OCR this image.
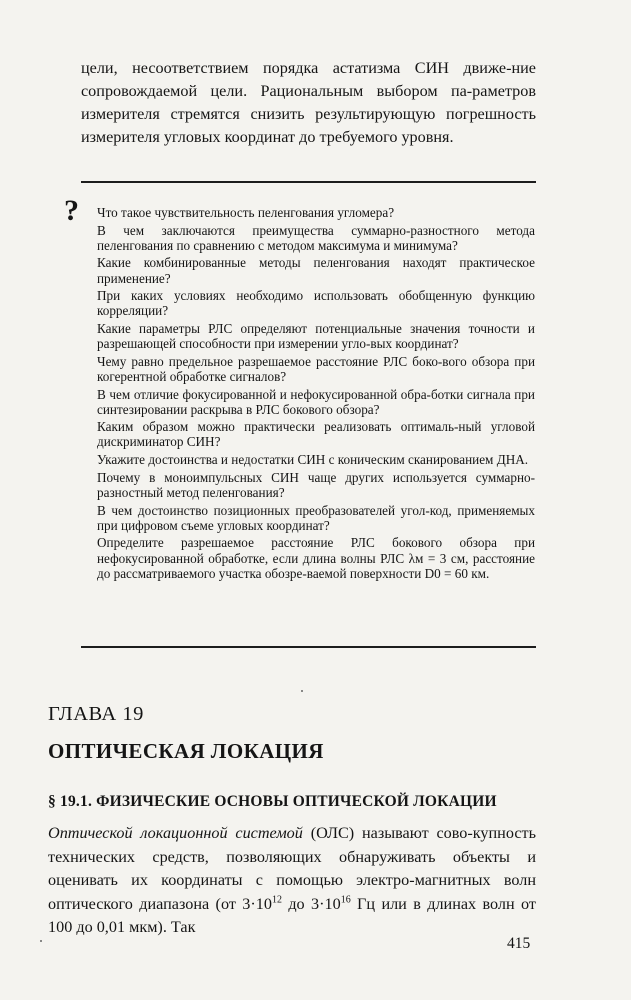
цели, несоответствием порядка астатизма СИН движе-ние сопровождаемой цели. Рациональным выбором па-раметров измерителя стремятся снизить результирующую погрешность измерителя угловых координат до требуемого уровня.

? Что такое чувствительность пеленгования угломера?
В чем заключаются преимущества суммарно-разностного метода пеленгования по сравнению с методом максимума и минимума?
Какие комбинированные методы пеленгования находят практическое применение?
При каких условиях необходимо использовать обобщенную функцию корреляции?
Какие параметры РЛС определяют потенциальные значения точности и разрешающей способности при измерении угло-вых координат?
Чему равно предельное разрешаемое расстояние РЛС боко-вого обзора при когерентной обработке сигналов?
В чем отличие фокусированной и нефокусированной обра-ботки сигнала при синтезировании раскрыва в РЛС бокового обзора?
Каким образом можно практически реализовать оптималь-ный угловой дискриминатор СИН?
Укажите достоинства и недостатки СИН с коническим сканированием ДНА.
Почему в моноимпульсных СИН чаще других используется суммарно-разностный метод пеленгования?
В чем достоинство позиционных преобразователей угол-код, применяемых при цифровом съеме угловых координат?
Определите разрешаемое расстояние РЛС бокового обзора при нефокусированной обработке, если длина волны РЛС λм = 3 см, расстояние до рассматриваемого участка обозре-ваемой поверхности D0 = 60 км.
ГЛАВА 19
ОПТИЧЕСКАЯ ЛОКАЦИЯ
§ 19.1. ФИЗИЧЕСКИЕ ОСНОВЫ ОПТИЧЕСКОЙ ЛОКАЦИИ

Оптической локационной системой (ОЛС) называют сово-купность технических средств, позволяющих обнаруживать объекты и оценивать их координаты с помощью электро-магнитных волн оптического диапазона (от $3\cdot 10^{12}$ до $3\cdot 10^{16}$ Гц или в длинах волн от 100 до 0,01 мкм). Так

415
